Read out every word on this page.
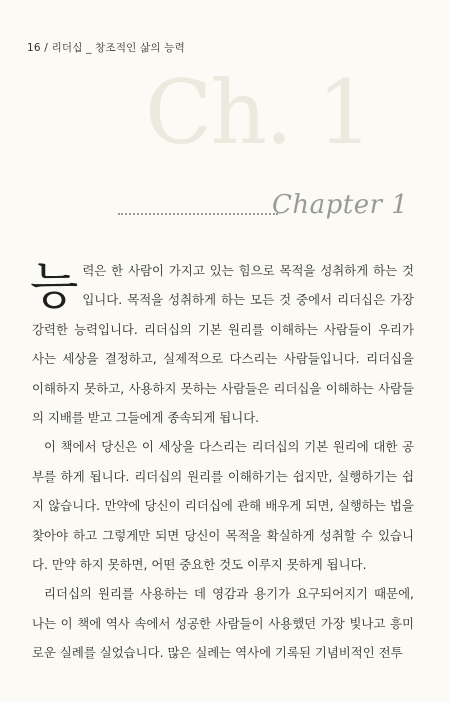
16 / 리더십 _ 창조적인 삶의 능력
Ch. 1
Chapter 1

능력은 한 사람이 가지고 있는 힘으로 목적을 성취하게 하는 것입니다. 목적을 성취하게 하는 모든 것 중에서 리더십은 가장 강력한 능력입니다. 리더십의 기본 원리를 이해하는 사람들이 우리가 사는 세상을 결정하고, 실제적으로 다스리는 사람들입니다. 리더십을 이해하지 못하고, 사용하지 못하는 사람들은 리더십을 이해하는 사람들의 지배를 받고 그들에게 종속되게 됩니다.

이 책에서 당신은 이 세상을 다스리는 리더십의 기본 원리에 대한 공부를 하게 됩니다. 리더십의 원리를 이해하기는 쉽지만, 실행하기는 쉽지 않습니다. 만약에 당신이 리더십에 관해 배우게 되면, 실행하는 법을 찾아야 하고 그렇게만 되면 당신이 목적을 확실하게 성취할 수 있습니다. 만약 하지 못하면, 어떤 중요한 것도 이루지 못하게 됩니다.

리더십의 원리를 사용하는 데 영감과 용기가 요구되어지기 때문에, 나는 이 책에 역사 속에서 성공한 사람들이 사용했던 가장 빛나고 흥미로운 실례를 실었습니다. 많은 실례는 역사에 기록된 기념비적인 전투
